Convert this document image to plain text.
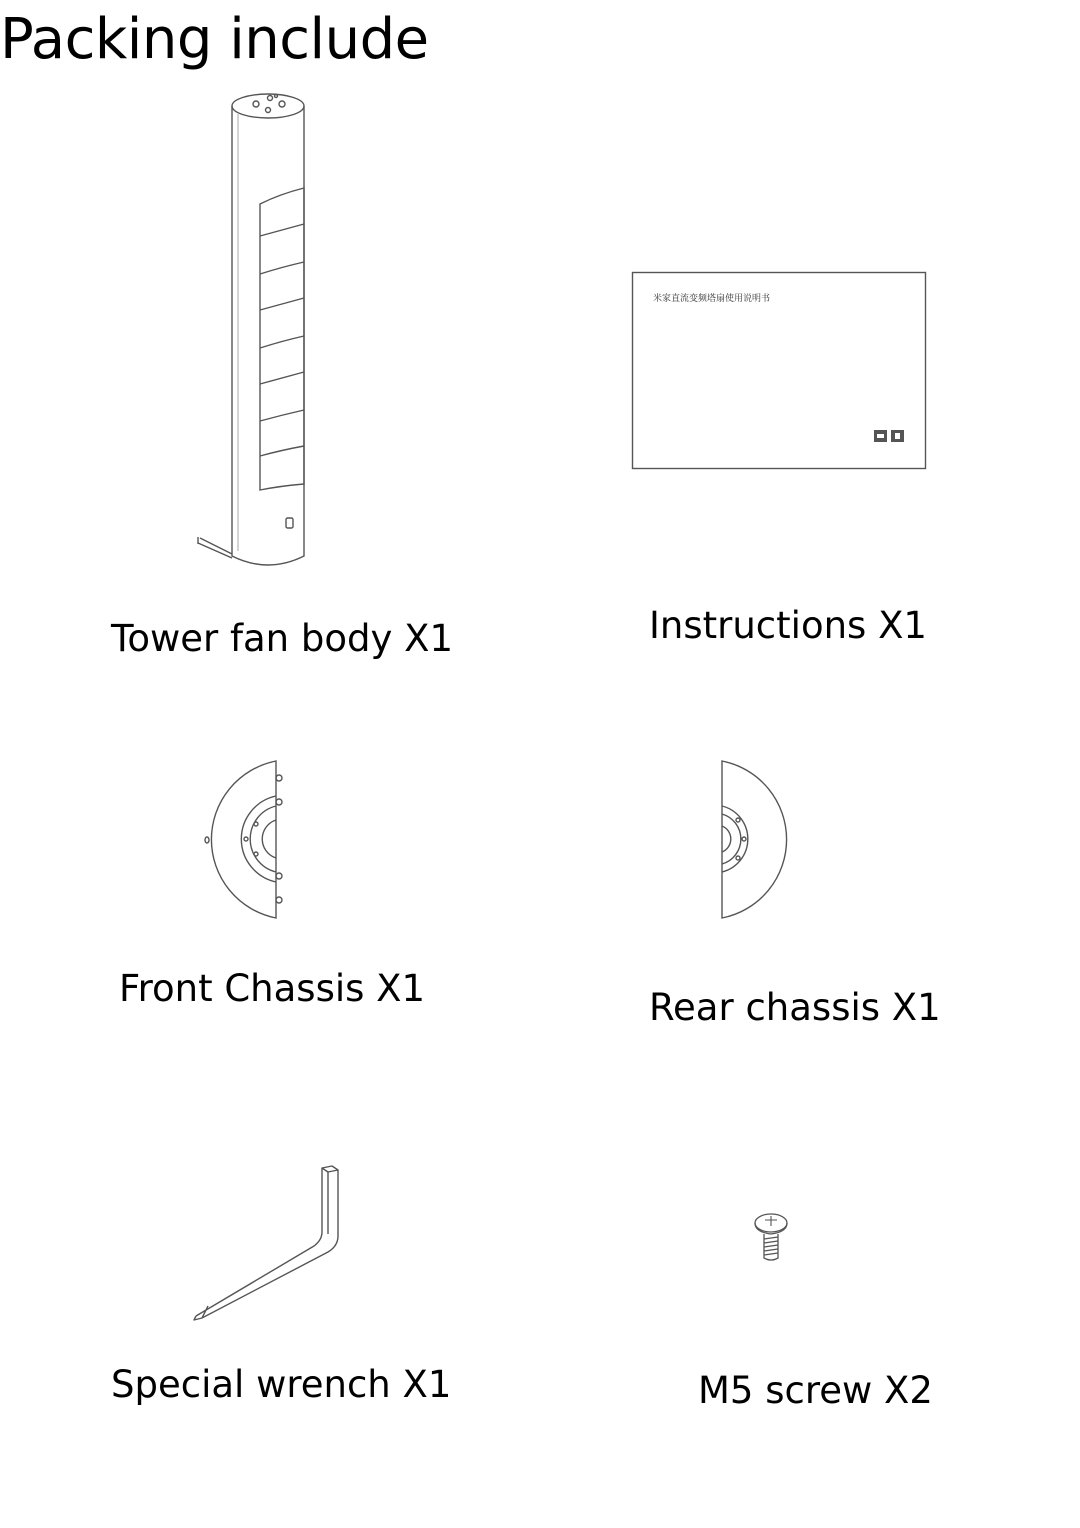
Packing include
Tower fan body X1
米家直流变频塔扇使用说明书
Instructions X1
Front Chassis X1	Rear chassis X1
Special wrench X1	M5 screw X2
